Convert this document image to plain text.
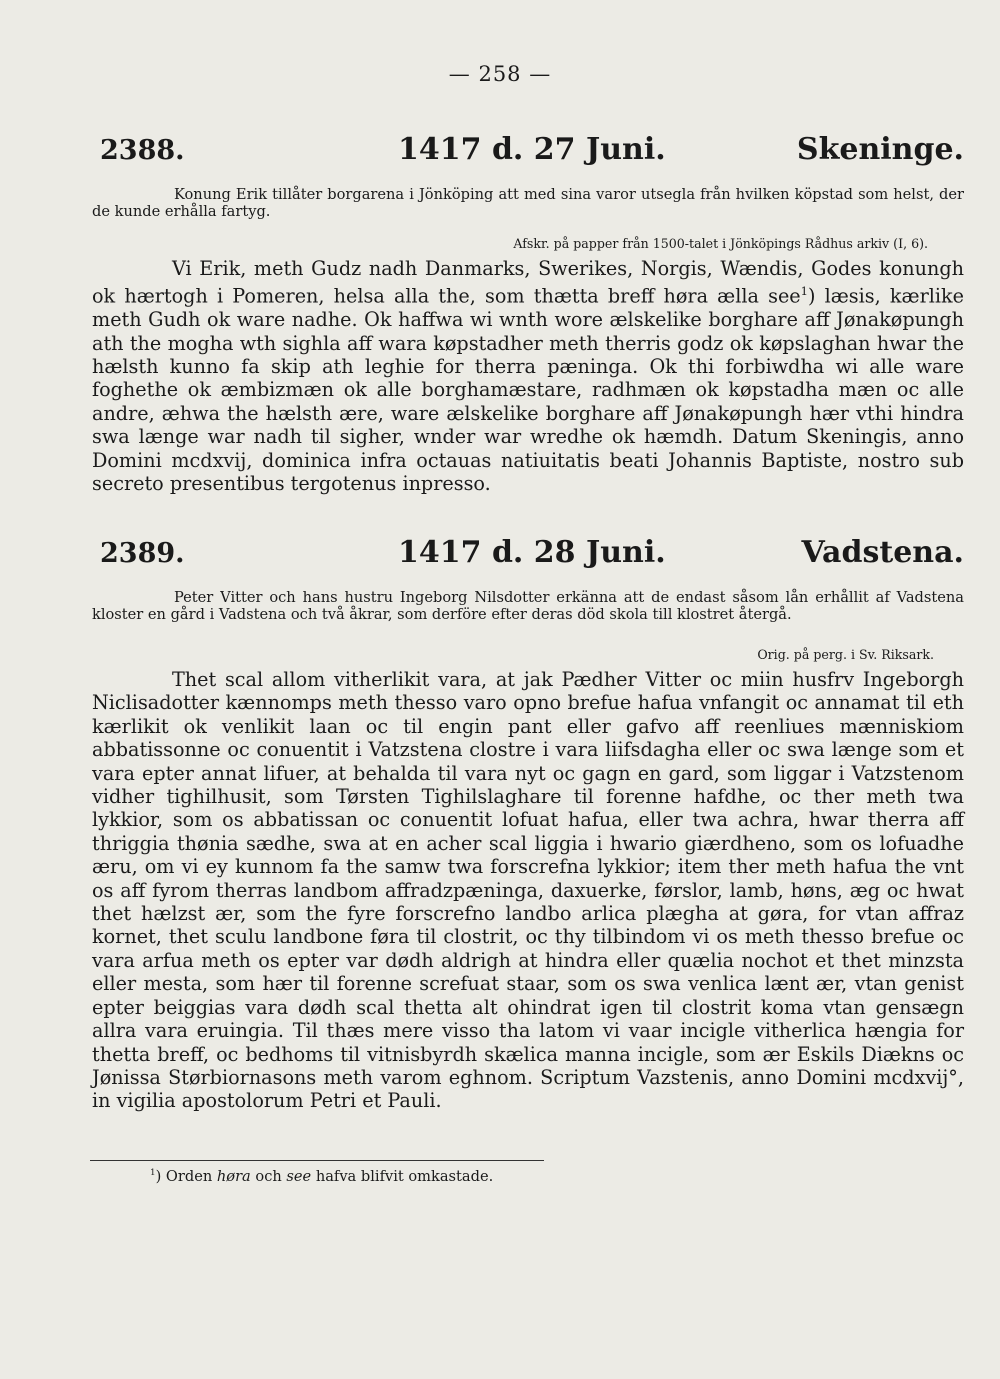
— 258 —
2388.	1417 d. 27 Juni.	Skeninge.
Konung Erik tillåter borgarena i Jönköping att med sina varor utsegla från hvilken köpstad som helst, der de kunde erhålla fartyg.
Afskr. på papper från 1500-talet i Jönköpings Rådhus arkiv (I, 6).
Vi Erik, meth Gudz nadh Danmarks, Swerikes, Norgis, Wændis, Godes konungh ok hærtogh i Pomeren, helsa alla the, som thætta breff høra ælla see$^1$) læsis, kærlike meth Gudh ok ware nadhe. Ok haffwa wi wnth wore ælskelike borghare aff Jønakøpungh ath the mogha wth sighla aff wara køpstadher meth therris godz ok køpslaghan hwar the hælsth kunno fa skip ath leghie for therra pæninga. Ok thi forbiwdha wi alle ware foghethe ok æmbizmæn ok alle borghamæstare, radhmæn ok køpstadha mæn oc alle andre, æhwa the hælsth ære, ware ælskelike borghare aff Jønakøpungh hær vthi hindra swa længe war nadh til sigher, wnder war wredhe ok hæmdh. Datum Skeningis, anno Domini mcdxvij, dominica infra octauas natiuitatis beati Johannis Baptiste, nostro sub secreto presentibus tergotenus inpresso.
2389.	1417 d. 28 Juni.	Vadstena.
Peter Vitter och hans hustru Ingeborg Nilsdotter erkänna att de endast såsom lån erhållit af Vadstena kloster en gård i Vadstena och två åkrar, som derföre efter deras död skola till klostret återgå.
Orig. på perg. i Sv. Riksark.
Thet scal allom vitherlikit vara, at jak Pædher Vitter oc miin husfrv Ingeborgh Niclisadotter kænnomps meth thesso varo opno brefue hafua vnfangit oc annamat til eth kærlikit ok venlikit laan oc til engin pant eller gafvo aff reenliues mænniskiom abbatissonne oc conuentit i Vatzstena clostre i vara liifsdagha eller oc swa længe som et vara epter annat lifuer, at behalda til vara nyt oc gagn en gard, som liggar i Vatzstenom vidher tighilhusit, som Tørsten Tighilslaghare til forenne hafdhe, oc ther meth twa lykkior, som os abbatissan oc conuentit lofuat hafua, eller twa achra, hwar therra aff thriggia thønia sædhe, swa at en acher scal liggia i hwario giærdheno, som os lofuadhe æru, om vi ey kunnom fa the samw twa forscrefna lykkior; item ther meth hafua the vnt os aff fyrom therras landbom affradzpæninga, daxuerke, førslor, lamb, høns, æg oc hwat thet hælzst ær, som the fyre forscrefno landbo arlica plægha at gøra, for vtan affraz kornet, thet sculu landbone føra til clostrit, oc thy tilbindom vi os meth thesso brefue oc vara arfua meth os epter var dødh aldrigh at hindra eller quælia nochot et thet minzsta eller mesta, som hær til forenne screfuat staar, som os swa venlica lænt ær, vtan genist epter beiggias vara dødh scal thetta alt ohindrat igen til clostrit koma vtan gensægn allra vara eruingia. Til thæs mere visso tha latom vi vaar incigle vitherlica hængia for thetta breff, oc bedhoms til vitnisbyrdh skælica manna incigle, som ær Eskils Diækns oc Jønissa Størbiornasons meth varom eghnom. Scriptum Vazstenis, anno Domini mcdxvij°, in vigilia apostolorum Petri et Pauli.
$^1$) Orden høra och see hafva blifvit omkastade.
